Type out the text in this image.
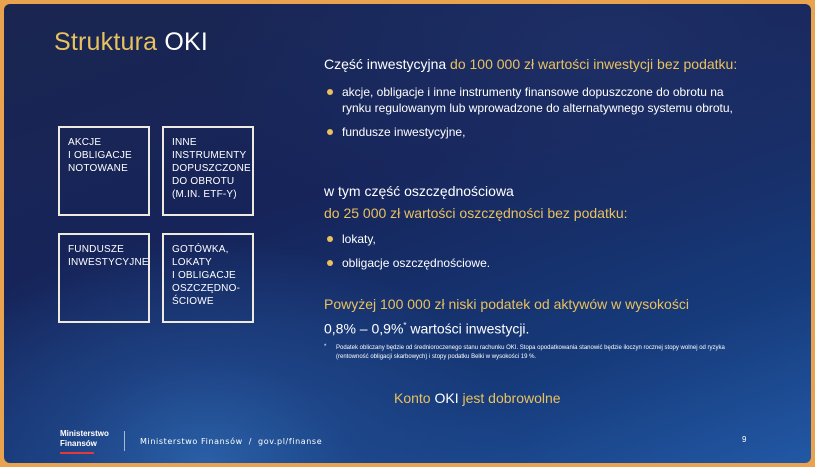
Struktura OKI
AKCJE
I OBLIGACJE
NOTOWANE
INNE
INSTRUMENTY
DOPUSZCZONE
DO OBROTU
(M.IN. ETF-Y)
FUNDUSZE
INWESTYCYJNE
GOTÓWKA,
LOKATY
I OBLIGACJE
OSZCZĘDNO-
ŚCIOWE
Część inwestycyjna do 100 000 zł wartości inwestycji bez podatku:
akcje, obligacje i inne instrumenty finansowe dopuszczone do obrotu na rynku regulowanym lub wprowadzone do alternatywnego systemu obrotu,
fundusze inwestycyjne,
w tym część oszczędnościowa
do 25 000 zł wartości oszczędności bez podatku:
lokaty,
obligacje oszczędnościowe.
Powyżej 100 000 zł niski podatek od aktywów w wysokości
0,8% – 0,9%* wartości inwestycji.
*	Podatek obliczany będzie od średnioroczenego stanu rachunku OKI. Stopa opodatkowania stanowić będzie iloczyn rocznej stopy wolnej od ryzyka (rentowność obligacji skarbowych) i stopy podatku Belki w wysokości 19 %.
Konto OKI jest dobrowolne
Ministerstwo
Finansów	Ministerstwo Finansów / gov.pl/finanse	9
